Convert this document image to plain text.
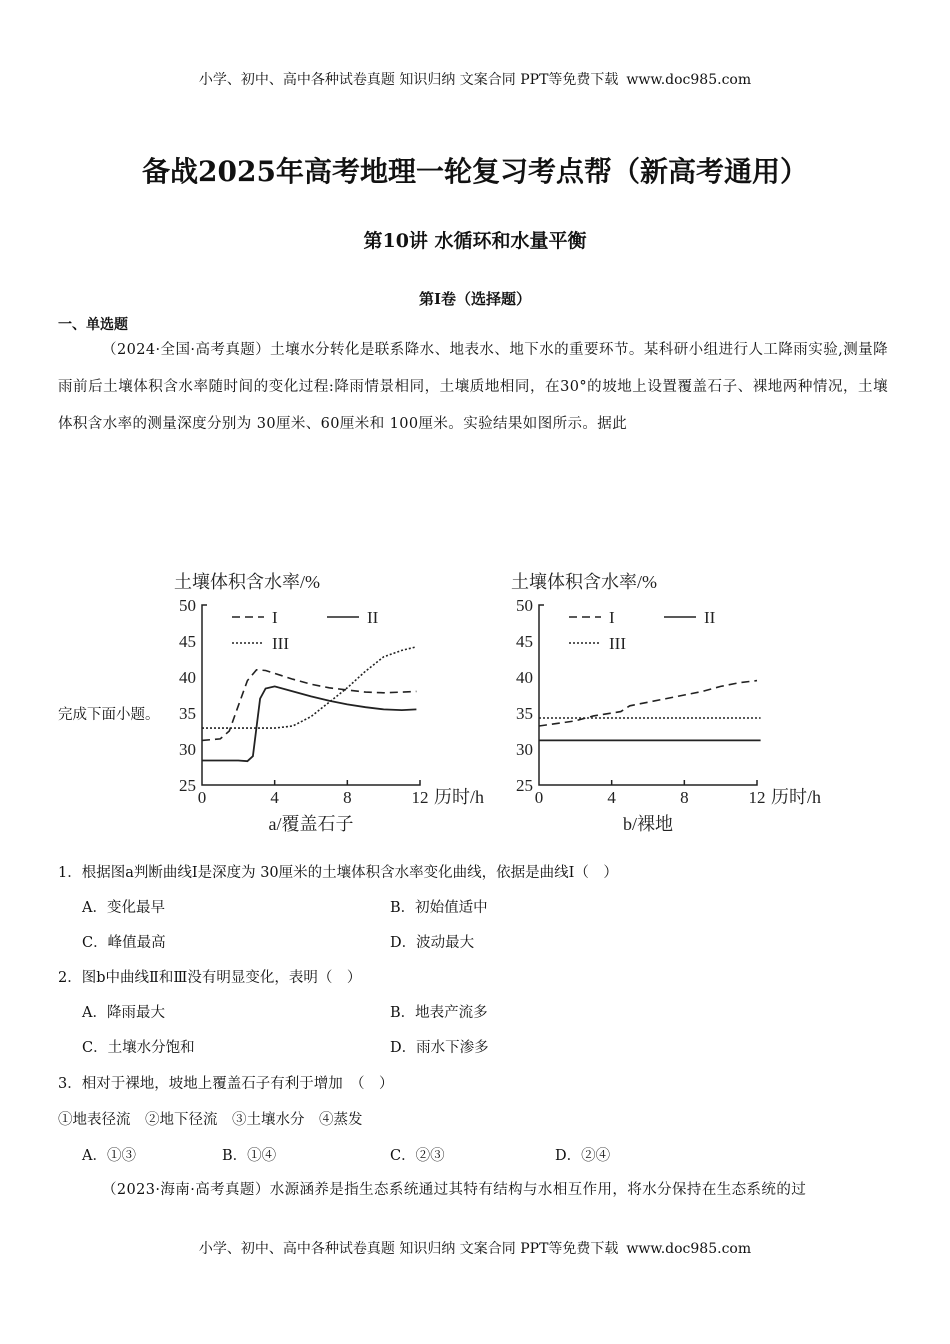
小学、初中、高中各种试卷真题 知识归纳 文案合同 PPT等免费下载 www.doc985.com
备战2025年高考地理一轮复习考点帮（新高考通用）
第10讲 水循环和水量平衡
第I卷（选择题）
一、单选题
（2024·全国·高考真题）土壤水分转化是联系降水、地表水、地下水的重要环节。某科研小组进行人工降雨实验,测量降雨前后土壤体积含水率随时间的变化过程:降雨情景相同，土壤质地相同，在30°的坡地上设置覆盖石子、裸地两种情况，土壤体积含水率的测量深度分别为 30厘米、60厘米和 100厘米。实验结果如图所示。据此
土壤体积含水率/%
25
30
35
40
45
50
0	4	8	12 历时/h
a/覆盖石子
I	II
III
土壤体积含水率/%
25
30
35
40
45
50
0	4	8	12 历时/h
b/裸地
I	II
III
完成下面小题。
1．根据图a判断曲线I是深度为 30厘米的土壤体积含水率变化曲线，依据是曲线I（　）
A．变化最早	B．初始值适中
C．峰值最高	D．波动最大
2．图b中曲线Ⅱ和Ⅲ没有明显变化，表明（　）
A．降雨最大	B．地表产流多
C．土壤水分饱和	D．雨水下渗多
3．相对于裸地，坡地上覆盖石子有利于增加　（　）
①地表径流　②地下径流　③土壤水分　④蒸发
A．①③	B．①④	C．②③	D．②④
（2023·海南·高考真题）水源涵养是指生态系统通过其特有结构与水相互作用，将水分保持在生态系统的过
小学、初中、高中各种试卷真题 知识归纳 文案合同 PPT等免费下载 www.doc985.com
